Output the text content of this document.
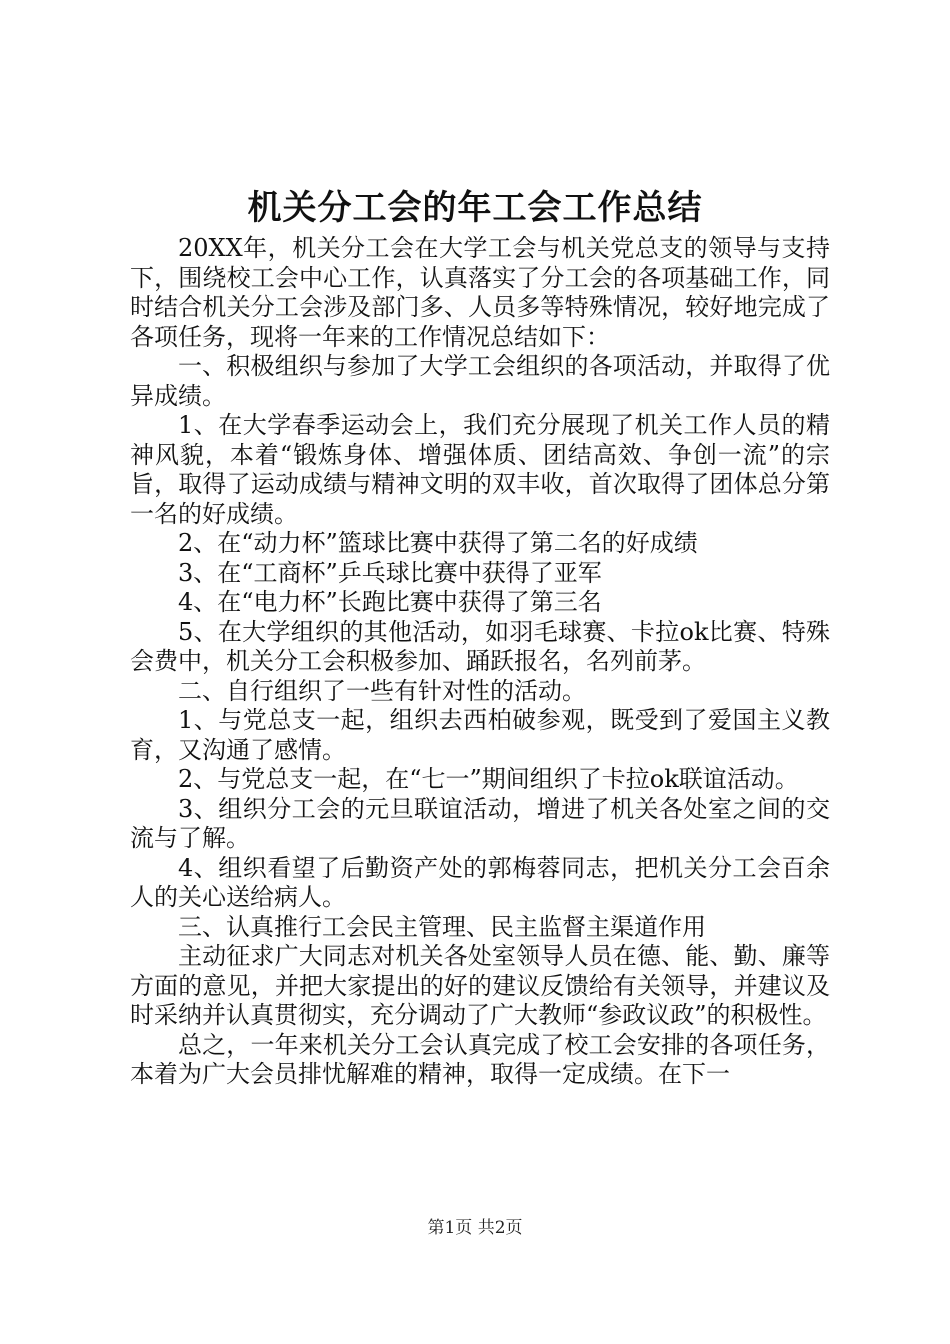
机关分工会的年工会工作总结

20XX年，机关分工会在大学工会与机关党总支的领导与支持下，围绕校工会中心工作，认真落实了分工会的各项基础工作，同时结合机关分工会涉及部门多、人员多等特殊情况，较好地完成了各项任务，现将一年来的工作情况总结如下：

一、积极组织与参加了大学工会组织的各项活动，并取得了优异成绩。

1、在大学春季运动会上，我们充分展现了机关工作人员的精神风貌，本着“锻炼身体、增强体质、团结高效、争创一流”的宗旨，取得了运动成绩与精神文明的双丰收，首次取得了团体总分第一名的好成绩。

2、在“动力杯”篮球比赛中获得了第二名的好成绩

3、在“工商杯”乒乓球比赛中获得了亚军

4、在“电力杯”长跑比赛中获得了第三名

5、在大学组织的其他活动，如羽毛球赛、卡拉ok比赛、特殊会费中，机关分工会积极参加、踊跃报名，名列前茅。

二、自行组织了一些有针对性的活动。

1、与党总支一起，组织去西柏破参观，既受到了爱国主义教育，又沟通了感情。

2、与党总支一起，在“七一”期间组织了卡拉ok联谊活动。

3、组织分工会的元旦联谊活动，增进了机关各处室之间的交流与了解。

4、组织看望了后勤资产处的郭梅蓉同志，把机关分工会百余人的关心送给病人。

三、认真推行工会民主管理、民主监督主渠道作用

主动征求广大同志对机关各处室领导人员在德、能、勤、廉等方面的意见，并把大家提出的好的建议反馈给有关领导，并建议及时采纳并认真贯彻实，充分调动了广大教师“参政议政”的积极性。

总之，一年来机关分工会认真完成了校工会安排的各项任务，本着为广大会员排忧解难的精神，取得一定成绩。在下一

第1页 共2页
